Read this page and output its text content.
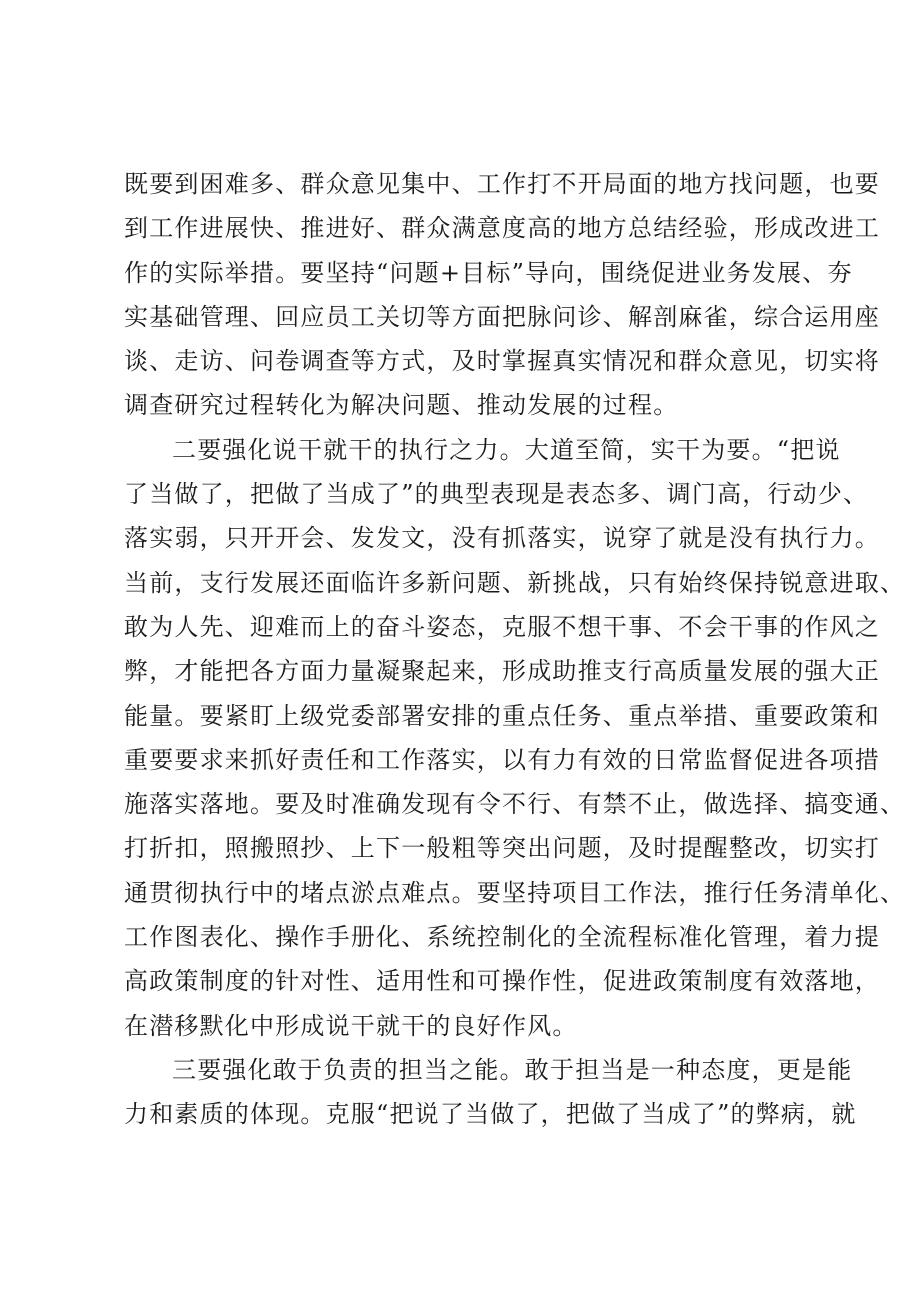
既要到困难多、群众意见集中、工作打不开局面的地方找问题，也要
到工作进展快、推进好、群众满意度高的地方总结经验，形成改进工
作的实际举措。要坚持“问题+目标”导向，围绕促进业务发展、夯
实基础管理、回应员工关切等方面把脉问诊、解剖麻雀，综合运用座
谈、走访、问卷调查等方式，及时掌握真实情况和群众意见，切实将
调查研究过程转化为解决问题、推动发展的过程。
二要强化说干就干的执行之力。大道至简，实干为要。“把说
了当做了，把做了当成了”的典型表现是表态多、调门高，行动少、
落实弱，只开开会、发发文，没有抓落实，说穿了就是没有执行力。
当前，支行发展还面临许多新问题、新挑战，只有始终保持锐意进取、
敢为人先、迎难而上的奋斗姿态，克服不想干事、不会干事的作风之
弊，才能把各方面力量凝聚起来，形成助推支行高质量发展的强大正
能量。要紧盯上级党委部署安排的重点任务、重点举措、重要政策和
重要要求来抓好责任和工作落实，以有力有效的日常监督促进各项措
施落实落地。要及时准确发现有令不行、有禁不止，做选择、搞变通、
打折扣，照搬照抄、上下一般粗等突出问题，及时提醒整改，切实打
通贯彻执行中的堵点淤点难点。要坚持项目工作法，推行任务清单化、
工作图表化、操作手册化、系统控制化的全流程标准化管理，着力提
高政策制度的针对性、适用性和可操作性，促进政策制度有效落地，
在潜移默化中形成说干就干的良好作风。
三要强化敢于负责的担当之能。敢于担当是一种态度，更是能
力和素质的体现。克服“把说了当做了，把做了当成了”的弊病，就
